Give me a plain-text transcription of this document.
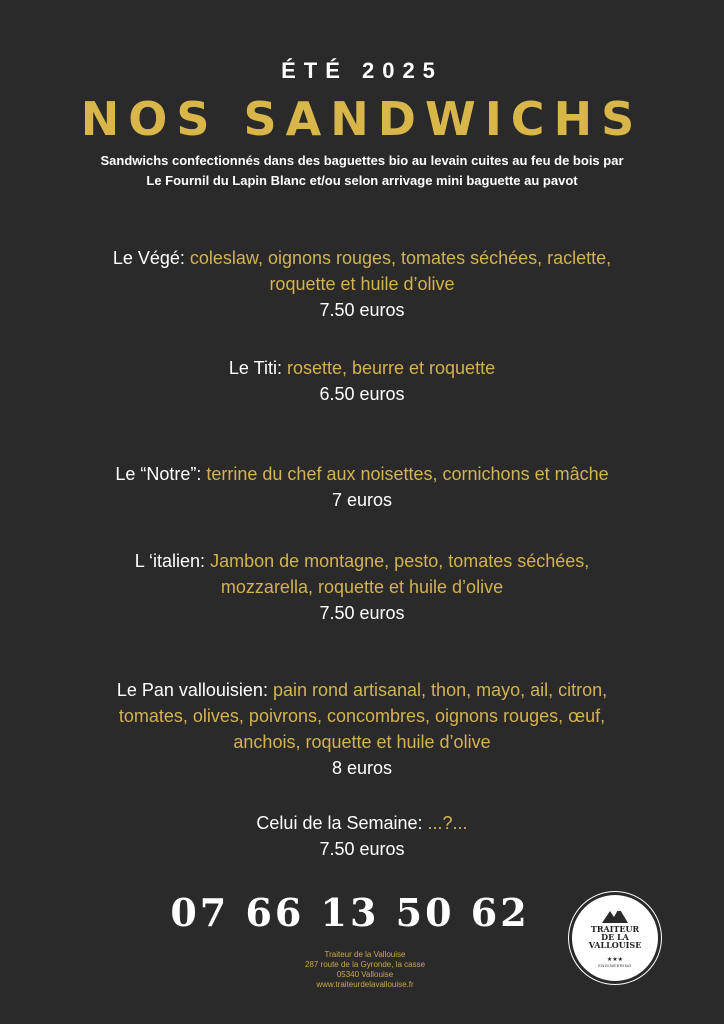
ÉTÉ 2025
NOS SANDWICHS
Sandwichs confectionnés dans des baguettes bio au levain cuites au feu de bois par
Le Fournil du Lapin Blanc et/ou selon arrivage mini baguette au pavot
Le Végé: coleslaw, oignons rouges, tomates séchées, raclette,
roquette et huile d’olive
7.50 euros
Le Titi: rosette, beurre et roquette
6.50 euros
Le “Notre”: terrine du chef aux noisettes, cornichons et mâche
7 euros
L ‘italien: Jambon de montagne, pesto, tomates séchées,
mozzarella, roquette et huile d’olive
7.50 euros
Le Pan vallouisien: pain rond artisanal, thon, mayo, ail, citron,
tomates, olives, poivrons, concombres, oignons rouges, œuf,
anchois, roquette et huile d’olive
8 euros
Celui de la Semaine: ...?...
7.50 euros
07 66 13 50 62
Traiteur de la Vallouise
287 route de la Gyronde, la casse
05340 Vallouise
www.traiteurdelavallouise.fr
TRAITEUR
DE LA
VALLOUISE
★★★
ENGINEERING
